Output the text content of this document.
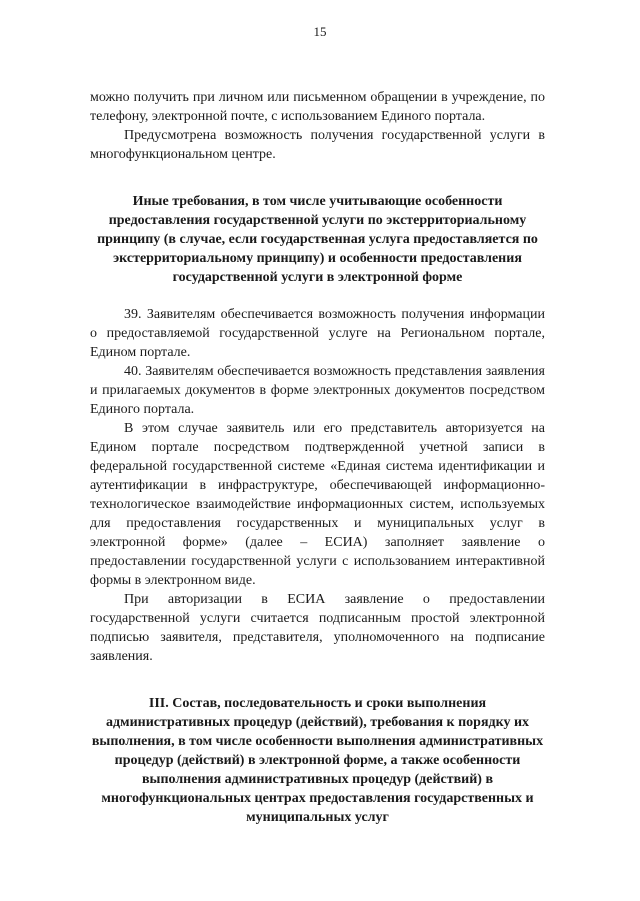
15

можно получить при личном или письменном обращении в учреждение, по телефону, электронной почте, с использованием Единого портала.

Предусмотрена возможность получения государственной услуги в многофункциональном центре.

Иные требования, в том числе учитывающие особенности предоставления государственной услуги по экстерриториальному принципу (в случае, если государственная услуга предоставляется по экстерриториальному принципу) и особенности предоставления государственной услуги в электронной форме

39. Заявителям обеспечивается возможность получения информации о предоставляемой государственной услуге на Региональном портале, Едином портале.

40. Заявителям обеспечивается возможность представления заявления и прилагаемых документов в форме электронных документов посредством Единого портала.

В этом случае заявитель или его представитель авторизуется на Едином портале посредством подтвержденной учетной записи в федеральной государственной системе «Единая система идентификации и аутентификации в инфраструктуре, обеспечивающей информационно-технологическое взаимодействие информационных систем, используемых для предоставления государственных и муниципальных услуг в электронной форме» (далее – ЕСИА) заполняет заявление о предоставлении государственной услуги с использованием интерактивной формы в электронном виде.

При авторизации в ЕСИА заявление о предоставлении государственной услуги считается подписанным простой электронной подписью заявителя, представителя, уполномоченного на подписание заявления.

III. Состав, последовательность и сроки выполнения административных процедур (действий), требования к порядку их выполнения, в том числе особенности выполнения административных процедур (действий) в электронной форме, а также особенности выполнения административных процедур (действий) в многофункциональных центрах предоставления государственных и муниципальных услуг
